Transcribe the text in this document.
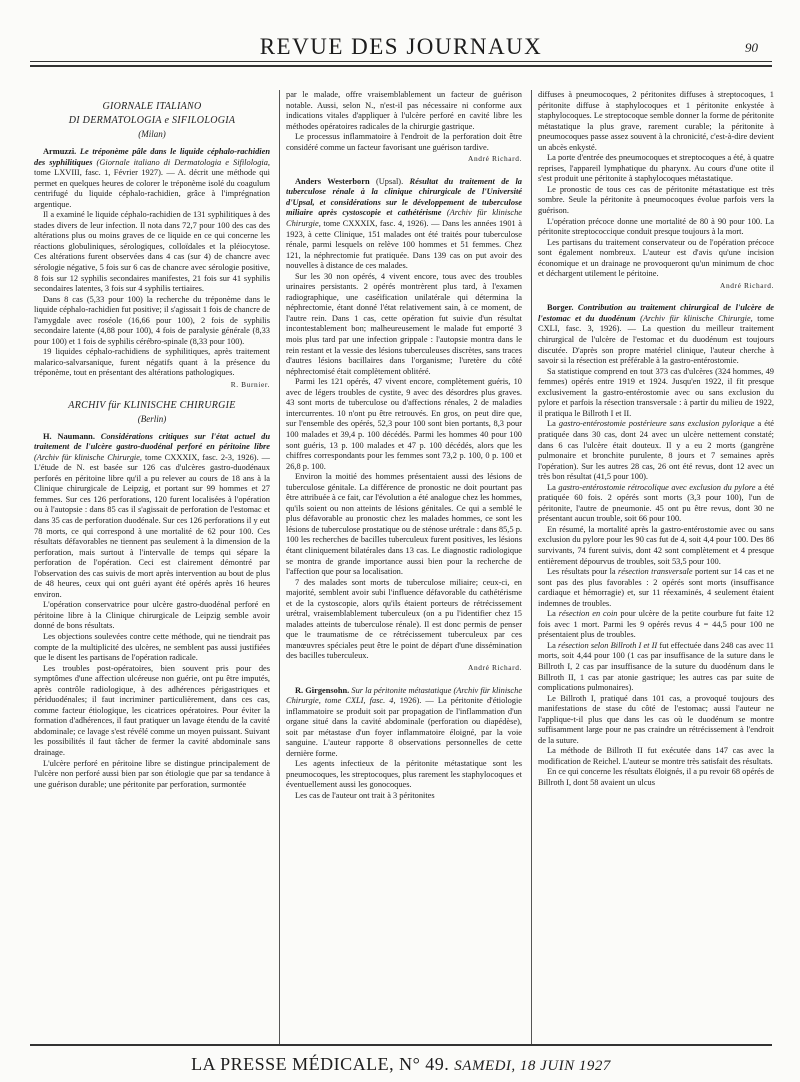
REVUE DES JOURNAUX	90
GIORNALE ITALIANO
DI DERMATOLOGIA e SIFILOLOGIA
(Milan)

Armuzzi. Le tréponème pâle dans le liquide céphalo-rachidien des syphilitiques (Giornale italiano di Dermatologia e Sifilologia, tome LXVIII, fasc. 1, Février 1927). — A. décrit une méthode qui permet en quelques heures de colorer le tréponème isolé du coagulum centrifugé du liquide céphalo-rachidien, grâce à l'imprégnation argentique.

Il a examiné le liquide céphalo-rachidien de 131 syphilitiques à des stades divers de leur infection. Il nota dans 72,7 pour 100 des cas des altérations plus ou moins graves de ce liquide en ce qui concerne les réactions globuliniques, sérologiques, colloïdales et la pléiocytose. Ces altérations furent observées dans 4 cas (sur 4) de chancre avec sérologie négative, 5 fois sur 6 cas de chancre avec sérologie positive, 8 fois sur 12 syphilis secondaires manifestes, 21 fois sur 41 syphilis secondaires latentes, 3 fois sur 4 syphilis tertiaires.

Dans 8 cas (5,33 pour 100) la recherche du tréponème dans le liquide céphalo-rachidien fut positive; il s'agissait 1 fois de chancre de l'amygdale avec roséole (16,66 pour 100), 2 fois de syphilis secondaire latente (4,88 pour 100), 4 fois de paralysie générale (8,33 pour 100) et 1 fois de syphilis cérébro-spinale (8,33 pour 100).

19 liquides céphalo-rachidiens de syphilitiques, après traitement malarico-salvarsanique, furent négatifs quant à la présence du tréponème, tout en présentant des altérations pathologiques.

R. Burnier.
ARCHIV für KLINISCHE CHIRURGIE
(Berlin)

H. Naumann. Considérations critiques sur l'état actuel du traitement de l'ulcère gastro-duodénal perforé en péritoine libre (Archiv für klinische Chirurgie, tome CXXXIX, fasc. 2-3, 1926). — L'étude de N. est basée sur 126 cas d'ulcères gastro-duodénaux perforés en péritoine libre qu'il a pu relever au cours de 18 ans à la Clinique chirurgicale de Leipzig, et portant sur 99 hommes et 27 femmes. Sur ces 126 perforations, 120 furent localisées à l'opération ou à l'autopsie : dans 85 cas il s'agissait de perforation de l'estomac et dans 35 cas de perforation duodénale. Sur ces 126 perforations il y eut 78 morts, ce qui correspond à une mortalité de 62 pour 100. Ces résultats défavorables ne tiennent pas seulement à la dimension de la perforation, mais surtout à l'intervalle de temps qui sépare la perforation de l'opération. Ceci est clairement démontré par l'observation des cas suivis de mort après intervention au bout de plus de 48 heures, ceux qui ont guéri ayant été opérés après 16 heures environ.

L'opération conservatrice pour ulcère gastro-duodénal perforé en péritoine libre à la Clinique chirurgicale de Leipzig semble avoir donné de bons résultats.

Les objections soulevées contre cette méthode, qui ne tiendrait pas compte de la multiplicité des ulcères, ne semblent pas aussi justifiées que le disent les partisans de l'opération radicale.

Les troubles post-opératoires, bien souvent pris pour des symptômes d'une affection ulcéreuse non guérie, ont pu être imputés, après contrôle radiologique, à des adhérences périgastriques et périduodénales; il faut incriminer particulièrement, dans ces cas, comme facteur étiologique, les cicatrices opératoires. Pour éviter la formation d'adhérences, il faut pratiquer un lavage étendu de la cavité abdominale; ce lavage s'est révélé comme un moyen puissant. Suivant les possibilités il faut tâcher de fermer la cavité abdominale sans drainage.

L'ulcère perforé en péritoine libre se distingue principalement de l'ulcère non perforé aussi bien par son étiologie que par sa tendance à une guérison durable; une péritonite par perforation, surmontée

par le malade, offre vraisemblablement un facteur de guérison notable. Aussi, selon N., n'est-il pas nécessaire ni conforme aux indications vitales d'appliquer à l'ulcère perforé en cavité libre les méthodes opératoires radicales de la chirurgie gastrique.

Le processus inflammatoire à l'endroit de la perforation doit être considéré comme un facteur favorisant une guérison tardive.

André Richard.

Anders Westerborn (Upsal). Résultat du traitement de la tuberculose rénale à la clinique chirurgicale de l'Université d'Upsal, et considérations sur le développement de tuberculose miliaire après cystoscopie et cathétérisme (Archiv für klinische Chirurgie, tome CXXXIX, fasc. 4, 1926). — Dans les années 1901 à 1923, à cette Clinique, 151 malades ont été traités pour tuberculose rénale, parmi lesquels on relève 100 hommes et 51 femmes. Chez 121, la néphrectomie fut pratiquée. Dans 139 cas on put avoir des nouvelles à distance de ces malades.

Sur les 30 non opérés, 4 vivent encore, tous avec des troubles urinaires persistants. 2 opérés montrèrent plus tard, à l'examen radiographique, une caséification unilatérale qui détermina la néphrectomie, étant donné l'état relativement sain, à ce moment, de l'autre rein. Dans 1 cas, cette opération fut suivie d'un résultat incontestablement bon; malheureusement le malade fut emporté 3 mois plus tard par une infection grippale : l'autopsie montra dans le rein restant et la vessie des lésions tuberculeuses discrètes, sans traces d'autres lésions bacillaires dans l'organisme; l'uretère du côté néphrectomisé était complètement oblitéré.

Parmi les 121 opérés, 47 vivent encore, complètement guéris, 10 avec de légers troubles de cystite, 9 avec des désordres plus graves. 43 sont morts de tuberculose ou d'affections rénales, 2 de maladies intercurrentes. 10 n'ont pu être retrouvés. En gros, on peut dire que, sur l'ensemble des opérés, 52,3 pour 100 sont bien portants, 8,3 pour 100 malades et 39,4 p. 100 décédés. Parmi les hommes 40 pour 100 sont guéris, 13 p. 100 malades et 47 p. 100 décédés, alors que les chiffres correspondants pour les femmes sont 73,2 p. 100, 0 p. 100 et 26,8 p. 100.

Environ la moitié des hommes présentaient aussi des lésions de tuberculose génitale. La différence de pronostic ne doit pourtant pas être attribuée à ce fait, car l'évolution a été analogue chez les hommes, qu'ils soient ou non atteints de lésions génitales. Ce qui a semblé le plus défavorable au pronostic chez les malades hommes, ce sont les lésions de tuberculose prostatique ou de sténose urétrale : dans 85,5 p. 100 les recherches de bacilles tuberculeux furent positives, les lésions étant cliniquement bilatérales dans 13 cas. Le diagnostic radiologique se montra de grande importance aussi bien pour la recherche de l'affection que pour sa localisation.

7 des malades sont morts de tuberculose miliaire; ceux-ci, en majorité, semblent avoir subi l'influence défavorable du cathétérisme et de la cystoscopie, alors qu'ils étaient porteurs de rétrécissement urétral, vraisemblablement tuberculeux (on a pu l'identifier chez 15 malades atteints de tuberculose rénale). Il est donc permis de penser que le traumatisme de ce rétrécissement tuberculeux par ces manœuvres spéciales peut être le point de départ d'une dissémination des bacilles tuberculeux.

André Richard.

R. Girgensohn. Sur la péritonite métastatique (Archiv für klinische Chirurgie, tome CXLI, fasc. 4, 1926). — La péritonite d'étiologie inflammatoire se produit soit par propagation de l'inflammation d'un organe situé dans la cavité abdominale (perforation ou diapédèse), soit par métastase d'un foyer inflammatoire éloigné, par la voie sanguine. L'auteur rapporte 8 observations personnelles de cette dernière forme.

Les agents infectieux de la péritonite métastatique sont les pneumocoques, les streptocoques, plus rarement les staphylocoques et éventuellement aussi les gonocoques.

Les cas de l'auteur ont trait à 3 péritonites

diffuses à pneumocoques, 2 péritonites diffuses à streptocoques, 1 péritonite diffuse à staphylocoques et 1 péritonite enkystée à staphylocoques. Le streptocoque semble donner la forme de péritonite métastatique la plus grave, rarement curable; la péritonite à pneumocoques passe assez souvent à la chronicité, c'est-à-dire devient un abcès enkysté.

La porte d'entrée des pneumocoques et streptocoques a été, à quatre reprises, l'appareil lymphatique du pharynx. Au cours d'une otite il s'est produit une péritonite à staphylocoques métastatique.

Le pronostic de tous ces cas de péritonite métastatique est très sombre. Seule la péritonite à pneumocoques évolue parfois vers la guérison.

L'opération précoce donne une mortalité de 80 à 90 pour 100. La péritonite streptococcique conduit presque toujours à la mort.

Les partisans du traitement conservateur ou de l'opération précoce sont également nombreux. L'auteur est d'avis qu'une incision économique et un drainage ne provoqueront qu'un minimum de choc et déchargent utilement le péritoine.

André Richard.

Borger. Contribution au traitement chirurgical de l'ulcère de l'estomac et du duodénum (Archiv für klinische Chirurgie, tome CXLI, fasc. 3, 1926). — La question du meilleur traitement chirurgical de l'ulcère de l'estomac et du duodénum est toujours discutée. D'après son propre matériel clinique, l'auteur cherche à savoir si la résection est préférable à la gastro-entérostomie.

Sa statistique comprend en tout 373 cas d'ulcères (324 hommes, 49 femmes) opérés entre 1919 et 1924. Jusqu'en 1922, il fit presque exclusivement la gastro-entérostomie avec ou sans exclusion du pylore et parfois la résection transversale : à partir du milieu de 1922, il pratiqua le Billroth I et II.

La gastro-entérostomie postérieure sans exclusion pylorique a été pratiquée dans 30 cas, dont 24 avec un ulcère nettement constaté; dans 6 cas l'ulcère était douteux. Il y a eu 2 morts (gangrène pulmonaire et bronchite purulente, 8 jours et 7 semaines après l'opération). Sur les autres 28 cas, 26 ont été revus, dont 12 avec un très bon résultat (41,5 pour 100).

La gastro-entérostomie rétrocolique avec exclusion du pylore a été pratiquée 60 fois. 2 opérés sont morts (3,3 pour 100), l'un de péritonite, l'autre de pneumonie. 45 ont pu être revus, dont 30 ne présentant aucun trouble, soit 66 pour 100.

En résumé, la mortalité après la gastro-entérostomie avec ou sans exclusion du pylore pour les 90 cas fut de 4, soit 4,4 pour 100. Des 86 survivants, 74 furent suivis, dont 42 sont complètement et 4 presque entièrement dépourvus de troubles, soit 53,5 pour 100.

Les résultats pour la résection transversale portent sur 14 cas et ne sont pas des plus favorables : 2 opérés sont morts (insuffisance cardiaque et hémorragie) et, sur 11 réexaminés, 4 seulement étaient indemnes de troubles.

La résection en coin pour ulcère de la petite courbure fut faite 12 fois avec 1 mort. Parmi les 9 opérés revus 4 = 44,5 pour 100 ne présentaient plus de troubles.

La résection selon Billroth I et II fut effectuée dans 248 cas avec 11 morts, soit 4,44 pour 100 (1 cas par insuffisance de la suture dans le Billroth I, 2 cas par insuffisance de la suture du duodénum dans le Billroth II, 1 cas par atonie gastrique; les autres cas par suite de complications pulmonaires).

Le Billroth I, pratiqué dans 101 cas, a provoqué toujours des manifestations de stase du côté de l'estomac; aussi l'auteur ne l'applique-t-il plus que dans les cas où le duodénum se montre suffisamment large pour ne pas craindre un rétrécissement à l'endroit de la suture.

La méthode de Billroth II fut exécutée dans 147 cas avec la modification de Reichel. L'auteur se montre très satisfait des résultats.

En ce qui concerne les résultats éloignés, il a pu revoir 68 opérés de Billroth I, dont 58 avaient un ulcus

LA PRESSE MÉDICALE, N° 49. SAMEDI, 18 JUIN 1927
